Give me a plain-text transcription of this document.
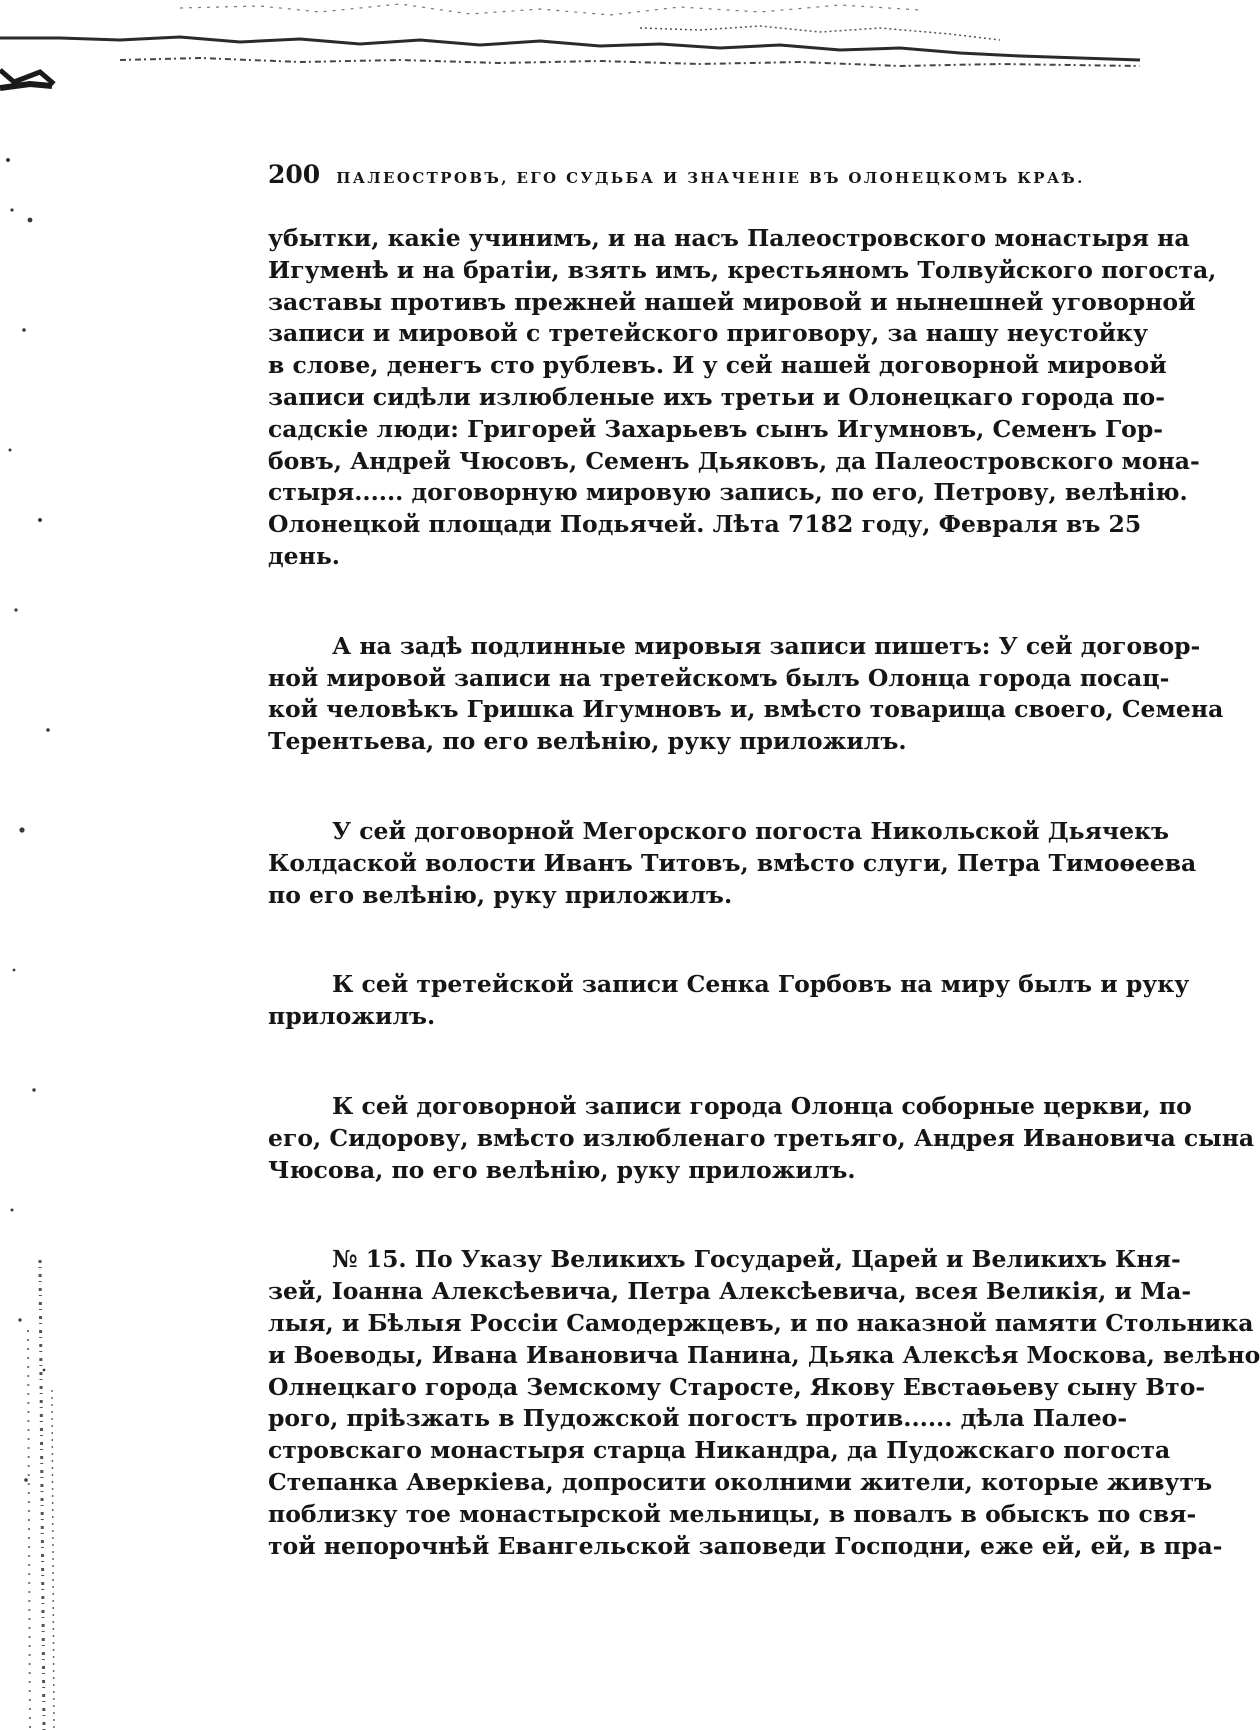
200 ПАЛЕОСТРОВЪ, ЕГО СУДЬБА И ЗНАЧЕНІЕ ВЪ ОЛОНЕЦКОМЪ КРАѢ.
убытки, какіе учинимъ, и на насъ Палеостровского монастыря на
Игуменѣ и на братіи, взять имъ, крестьяномъ Толвуйского погоста,
заставы противъ прежней нашей мировой и нынешней уговорной
записи и мировой с третейского приговору, за нашу неустойку
в слове, денегъ сто рублевъ. И у сей нашей договорной мировой
записи сидѣли излюбленые ихъ третьи и Олонецкаго города по-
садскіе люди: Григорей Захарьевъ сынъ Игумновъ, Семенъ Гор-
бовъ, Андрей Чюсовъ, Семенъ Дьяковъ, да Палеостровского мона-
стыря...... договорную мировую запись, по его, Петрову, велѣнію.
Олонецкой площади Подьячей. Лѣта 7182 году, Февраля въ 25
день.
А на задѣ подлинные мировыя записи пишетъ: У сей договор-
ной мировой записи на третейскомъ былъ Олонца города посац-
кой человѣкъ Гришка Игумновъ и, вмѣсто товарища своего, Семена
Терентьева, по его велѣнію, руку приложилъ.
У сей договорной Мегорского погоста Никольской Дьячекъ
Колдаской волости Иванъ Титовъ, вмѣсто слуги, Петра Тимоѳеева
по его велѣнію, руку приложилъ.
К сей третейской записи Сенка Горбовъ на миру былъ и руку
приложилъ.
К сей договорной записи города Олонца соборные церкви, по
его, Сидорову, вмѣсто излюбленаго третьяго, Андрея Ивановича сына
Чюсова, по его велѣнію, руку приложилъ.
№ 15. По Указу Великихъ Государей, Царей и Великихъ Кня-
зей, Іоанна Алексѣевича, Петра Алексѣевича, всея Великія, и Ма-
лыя, и Бѣлыя Россіи Самодержцевъ, и по наказной памяти Стольника
и Воеводы, Ивана Ивановича Панина, Дьяка Алексѣя Москова, велѣно
Олнецкаго города Земскому Старосте, Якову Евстаѳьеву сыну Вто-
рого, пріѣзжать в Пудожской погостъ против...... дѣла Палео-
стровскаго монастыря старца Никандра, да Пудожскаго погоста
Степанка Аверкіева, допросити околними жители, которые живутъ
поблизку тое монастырской мельницы, в повалъ в обыскъ по свя-
той непорочнѣй Евангельской заповеди Господни, еже ей, ей, в пра-
